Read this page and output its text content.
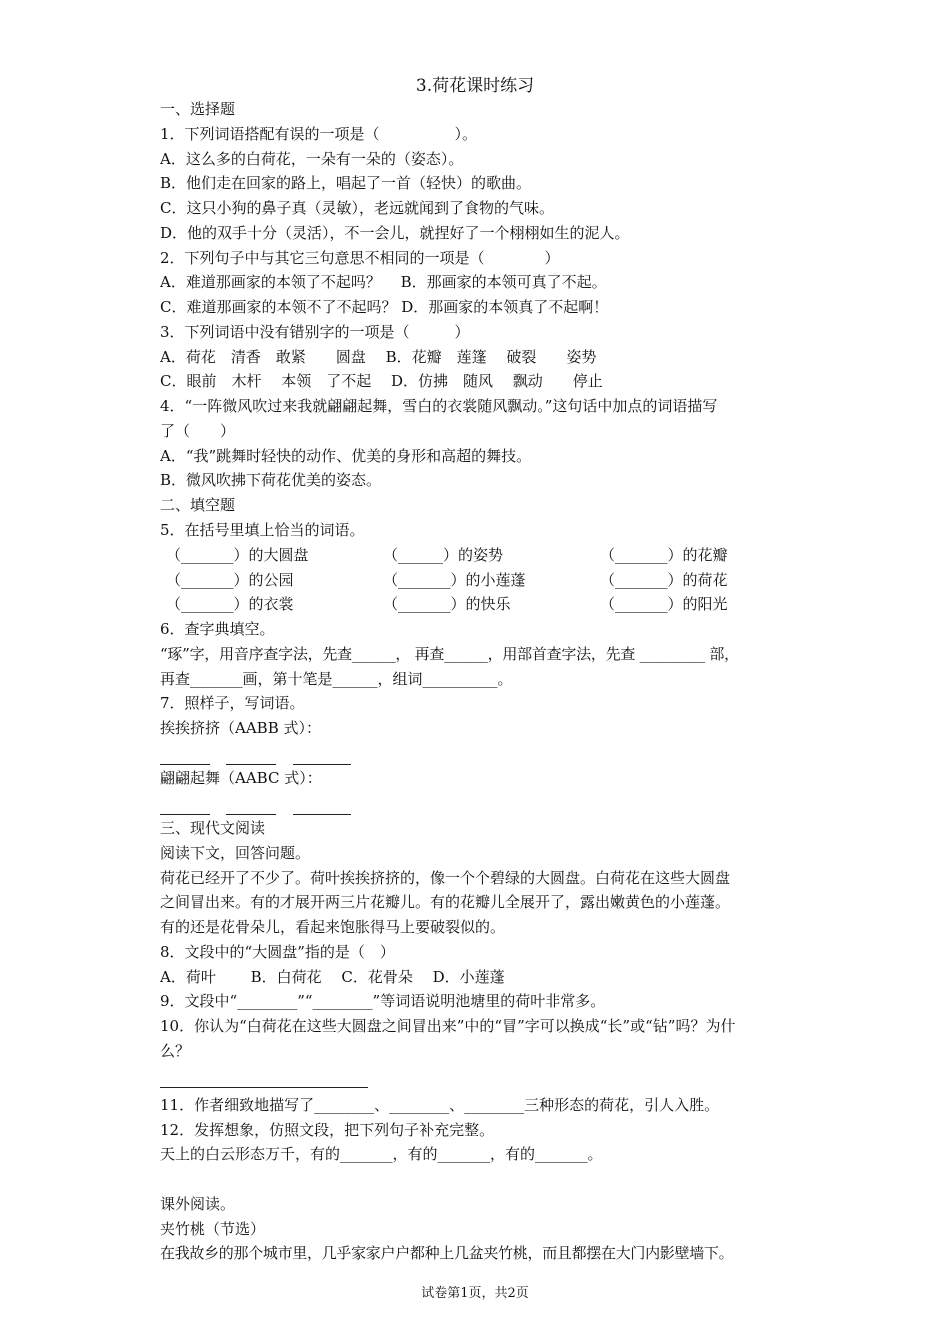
3.荷花课时练习
一、选择题
1．下列词语搭配有误的一项是（　　　　　）。
A．这么多的白荷花，一朵有一朵的（姿态）。
B．他们走在回家的路上，唱起了一首（轻快）的歌曲。
C．这只小狗的鼻子真（灵敏），老远就闻到了食物的气味。
D．他的双手十分（灵活），不一会儿，就捏好了一个栩栩如生的泥人。
2．下列句子中与其它三句意思不相同的一项是（　　　　）
A．难道那画家的本领了不起吗？　 B．那画家的本领可真了不起。
C．难道那画家的本领不了不起吗？ D．那画家的本领真了不起啊！
3．下列词语中没有错别字的一项是（　　　）
A．荷花　清香　敢紧　　圆盘　 B．花瓣　莲篷　 破裂　　姿势
C．眼前　木杆　 本领　了不起　 D．仿拂　随风　 飘动　　停止
4．“一阵微风吹过来我就翩翩起舞，雪白的衣裳随风飘动。”这句话中加点的词语描写
了（　　）
A．“我”跳舞时轻快的动作、优美的身形和高超的舞技。
B．微风吹拂下荷花优美的姿态。
二、填空题
5．在括号里填上恰当的词语。
（_______）的大圆盘	（______）的姿势	（_______）的花瓣
（_______）的公园	（_______）的小莲蓬	（_______）的荷花
（_______）的衣裳	（_______）的快乐	（_______）的阳光
6．查字典填空。
“琢”字，用音序查字法，先查______， 再查______，用部首查字法，先查 _________ 部，
再查_______画，第十笔是______，组词__________。
7．照样子，写词语。
挨挨挤挤（AABB 式）：
翩翩起舞（AABC 式）：
三、现代文阅读
阅读下文，回答问题。
荷花已经开了不少了。荷叶挨挨挤挤的，像一个个碧绿的大圆盘。白荷花在这些大圆盘
之间冒出来。有的才展开两三片花瓣儿。有的花瓣儿全展开了，露出嫩黄色的小莲蓬。
有的还是花骨朵儿，看起来饱胀得马上要破裂似的。
8．文段中的“大圆盘”指的是（　）
A．荷叶　　 B．白荷花　 C．花骨朵　 D．小莲蓬
9．文段中“________”“________”等词语说明池塘里的荷叶非常多。
10．你认为“白荷花在这些大圆盘之间冒出来”中的“冒”字可以换成“长”或“钻”吗？为什
么？
11．作者细致地描写了________、________、________三种形态的荷花，引人入胜。
12．发挥想象，仿照文段，把下列句子补充完整。
天上的白云形态万千，有的_______，有的_______，有的_______。
课外阅读。
夹竹桃（节选）
在我故乡的那个城市里，几乎家家户户都种上几盆夹竹桃，而且都摆在大门内影壁墙下。
试卷第1页，共2页
